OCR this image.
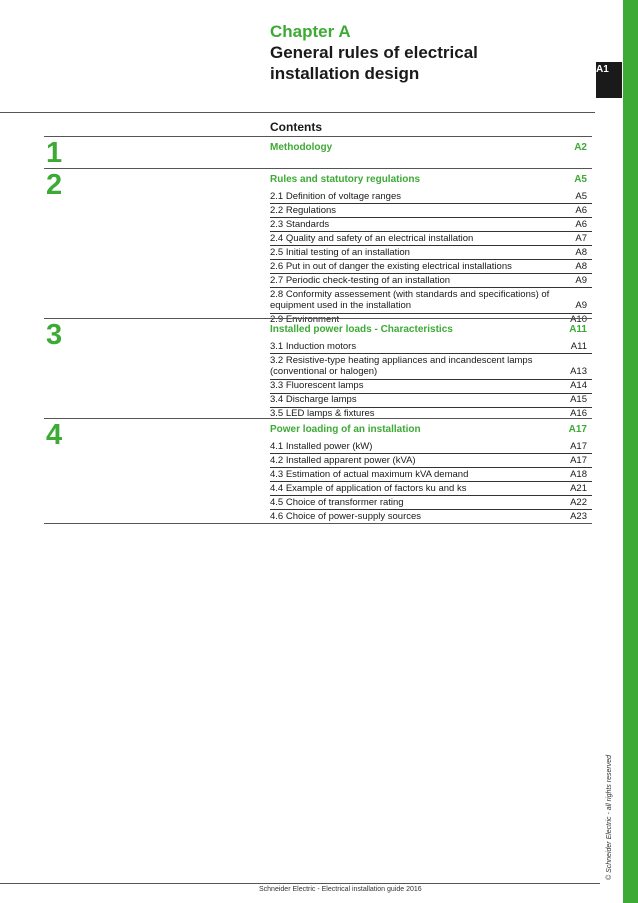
Chapter A
General rules of electrical
installation design	A1
© Schneider Electric - all rights reserved
Contents
1	Methodology	A2
2	Rules and statutory regulations	A5
2.1 Definition of voltage ranges	A5
2.2 Regulations	A6
2.3 Standards	A6
2.4 Quality and safety of an electrical installation	A7
2.5 Initial testing of an installation	A8
2.6 Put in out of danger the existing electrical installations	A8
2.7 Periodic check-testing of an installation	A9
2.8 Conformity assessement (with standards and specifications) of equipment used in the installation	A9
2.9 Environment	A10
3	Installed power loads - Characteristics	A11
3.1 Induction motors	A11
3.2 Resistive-type heating appliances and incandescent lamps (conventional or halogen)	A13
3.3 Fluorescent lamps	A14
3.4 Discharge lamps	A15
3.5 LED lamps & fixtures	A16
4	Power loading of an installation	A17
4.1 Installed power (kW)	A17
4.2 Installed apparent power (kVA)	A17
4.3 Estimation of actual maximum kVA demand	A18
4.4 Example of application of factors ku and ks	A21
4.5 Choice of transformer rating	A22
4.6 Choice of power-supply sources	A23
Schneider Electric - Electrical installation guide 2016
